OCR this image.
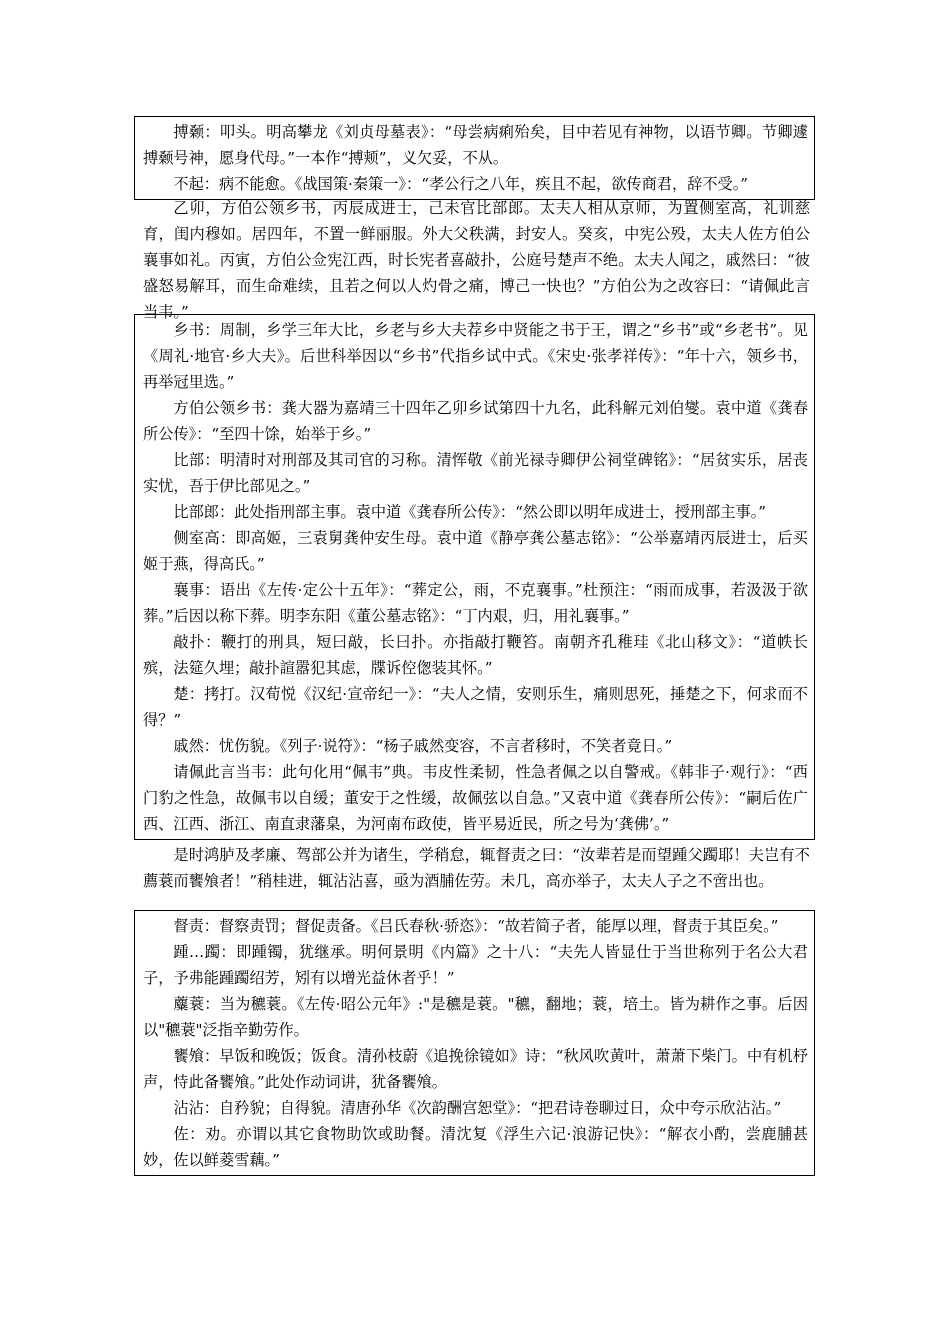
搏颡：叩头。明高攀龙《刘贞母墓表》：“母尝病痢殆矣，目中若见有神物，以语节卿。节卿遽搏颡号神，愿身代母。”一本作“搏颊”，义欠妥，不从。

不起：病不能愈。《战国策·秦策一》：“孝公行之八年，疾且不起，欲传商君，辞不受。”

乙卯，方伯公领乡书，丙辰成进士，己未官比部郎。太夫人相从京师，为置侧室高，礼训慈育，闺内穆如。居四年，不置一鲜丽服。外大父秩满，封安人。癸亥，中宪公殁，太夫人佐方伯公襄事如礼。丙寅，方伯公佥宪江西，时长宪者喜敲扑，公庭号楚声不绝。太夫人闻之，戚然曰：“彼盛怒易解耳，而生命难续，且若之何以人灼骨之痛，博己一快也？”方伯公为之改容曰：“请佩此言当韦。”

乡书：周制，乡学三年大比，乡老与乡大夫荐乡中贤能之书于王，谓之“乡书”或“乡老书”。见《周礼·地官·乡大夫》。后世科举因以“乡书”代指乡试中式。《宋史·张孝祥传》：“年十六，领乡书，再举冠里选。”

方伯公领乡书：龚大器为嘉靖三十四年乙卯乡试第四十九名，此科解元刘伯燮。袁中道《龚春所公传》：“至四十馀，始举于乡。”

比部：明清时对刑部及其司官的习称。清恽敬《前光禄寺卿伊公祠堂碑铭》：“居贫实乐，居丧实忧，吾于伊比部见之。”

比部郎：此处指刑部主事。袁中道《龚春所公传》：“然公即以明年成进士，授刑部主事。”

侧室高：即高姬，三袁舅龚仲安生母。袁中道《静亭龚公墓志铭》：“公举嘉靖丙辰进士，后买姬于燕，得高氏。”

襄事：语出《左传·定公十五年》：“葬定公，雨，不克襄事。”杜预注：“雨而成事，若汲汲于欲葬。”后因以称下葬。明李东阳《董公墓志铭》：“丁内艰，归，用礼襄事。”

敲扑：鞭打的刑具，短曰敲，长曰扑。亦指敲打鞭笞。南朝齐孔稚珪《北山移文》：“道帙长殡，法筵久埋；敲扑諠嚣犯其虑，牒诉倥偬装其怀。”

楚：拷打。汉荀悦《汉纪·宣帝纪一》：“夫人之情，安则乐生，痛则思死，捶楚之下，何求而不得？”

戚然：忧伤貌。《列子·说符》：“杨子戚然变容，不言者移时，不笑者竟日。”

请佩此言当韦：此句化用“佩韦”典。韦皮性柔韧，性急者佩之以自警戒。《韩非子·观行》：“西门豹之性急，故佩韦以自缓；董安于之性缓，故佩弦以自急。”又袁中道《龚春所公传》：“嗣后佐广西、江西、浙江、南直隶藩臬，为河南布政使，皆平易近民，所之号为‘龚佛’。”

是时鸿胪及孝廉、驾部公并为诸生，学稍怠，辄督责之曰：“汝辈若是而望踵父躅耶！夫岂有不薦蓑而饔飧者！”稍桂进，辄沾沾喜，亟为酒脯佐劳。未几，高亦举子，太夫人子之不啻出也。

督责：督察责罚；督促责备。《吕氏春秋·骄恣》：“故若简子者，能厚以理，督责于其臣矣。”

踵…躅：即踵镯，犹继承。明何景明《内篇》之十八：“夫先人皆显仕于当世称列于名公大君子，予弗能踵躅绍芳，矧有以增光益休者乎！”

蘪蓑：当为穮蓑。《左传·昭公元年》:"是穮是蓑。"穮，翻地；蓑，培土。皆为耕作之事。后因以"穮蓑"泛指辛勤劳作。

饔飧：早饭和晚饭；饭食。清孙枝蔚《追挽徐镜如》诗：“秋风吹黄叶，萧萧下柴门。中有机杼声，恃此备饔飧。”此处作动词讲，犹备饔飧。

沾沾：自矜貌；自得貌。清唐孙华《次韵酬宫恕堂》：“把君诗卷聊过日，众中夸示欣沾沾。”

佐：劝。亦谓以其它食物助饮或助餐。清沈复《浮生六记·浪游记快》：“解衣小酌，尝鹿脯甚妙，佐以鲜菱雪藕。”
